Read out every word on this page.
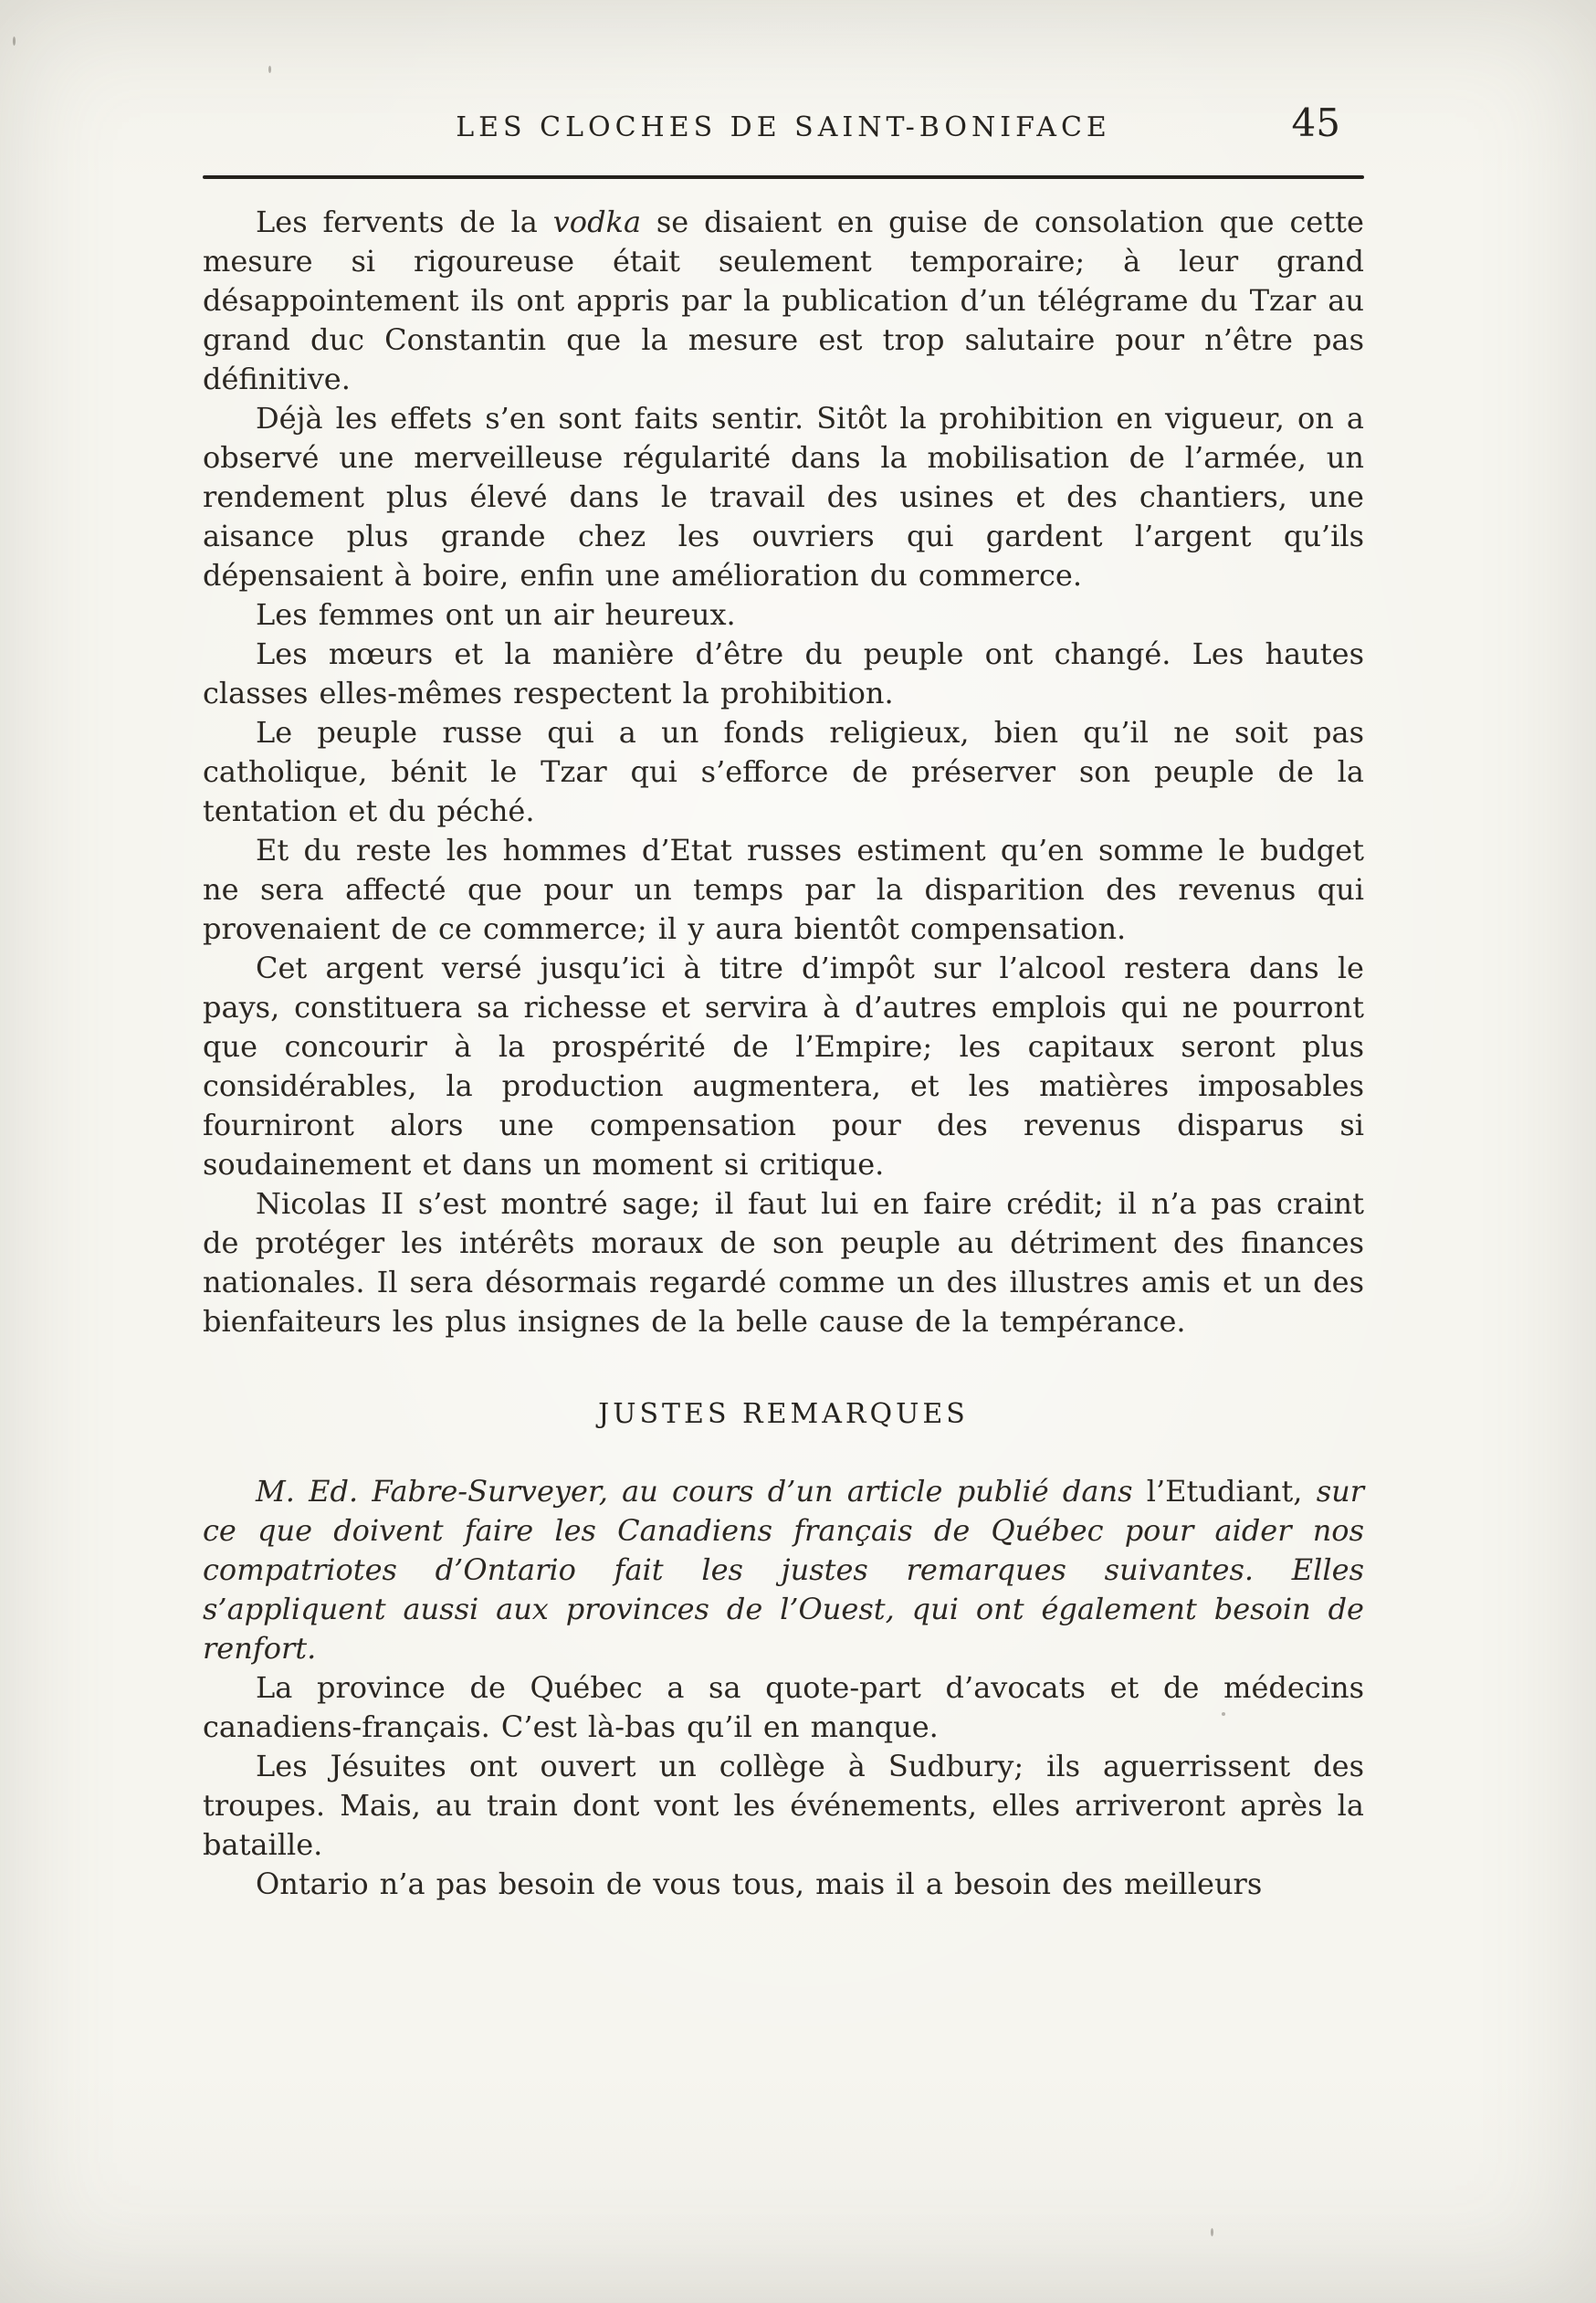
LES CLOCHES DE SAINT-BONIFACE	45

Les fervents de la vodka se disaient en guise de consolation que cette mesure si rigoureuse était seulement temporaire; à leur grand désappointement ils ont appris par la publication d’un télégrame du Tzar au grand duc Constantin que la mesure est trop salutaire pour n’être pas définitive.

Déjà les effets s’en sont faits sentir. Sitôt la prohibition en vigueur, on a observé une merveilleuse régularité dans la mobilisation de l’armée, un rendement plus élevé dans le travail des usines et des chantiers, une aisance plus grande chez les ouvriers qui gardent l’argent qu’ils dépensaient à boire, enfin une amélioration du commerce.

Les femmes ont un air heureux.

Les mœurs et la manière d’être du peuple ont changé. Les hautes classes elles-mêmes respectent la prohibition.

Le peuple russe qui a un fonds religieux, bien qu’il ne soit pas catholique, bénit le Tzar qui s’efforce de préserver son peuple de la tentation et du péché.

Et du reste les hommes d’Etat russes estiment qu’en somme le budget ne sera affecté que pour un temps par la disparition des revenus qui provenaient de ce commerce; il y aura bientôt compensation.

Cet argent versé jusqu’ici à titre d’impôt sur l’alcool restera dans le pays, constituera sa richesse et servira à d’autres emplois qui ne pourront que concourir à la prospérité de l’Empire; les capitaux seront plus considérables, la production augmentera, et les matières imposables fourniront alors une compensation pour des revenus disparus si soudainement et dans un moment si critique.

Nicolas II s’est montré sage; il faut lui en faire crédit; il n’a pas craint de protéger les intérêts moraux de son peuple au détriment des finances nationales. Il sera désormais regardé comme un des illustres amis et un des bienfaiteurs les plus insignes de la belle cause de la tempérance.

JUSTES REMARQUES

M. Ed. Fabre-Surveyer, au cours d’un article publié dans l’Etudiant, sur ce que doivent faire les Canadiens français de Québec pour aider nos compatriotes d’Ontario fait les justes remarques suivantes. Elles s’appliquent aussi aux provinces de l’Ouest, qui ont également besoin de renfort.

La province de Québec a sa quote-part d’avocats et de médecins canadiens-français. C’est là-bas qu’il en manque.

Les Jésuites ont ouvert un collège à Sudbury; ils aguerrissent des troupes. Mais, au train dont vont les événements, elles arriveront après la bataille.

Ontario n’a pas besoin de vous tous, mais il a besoin des meilleurs
